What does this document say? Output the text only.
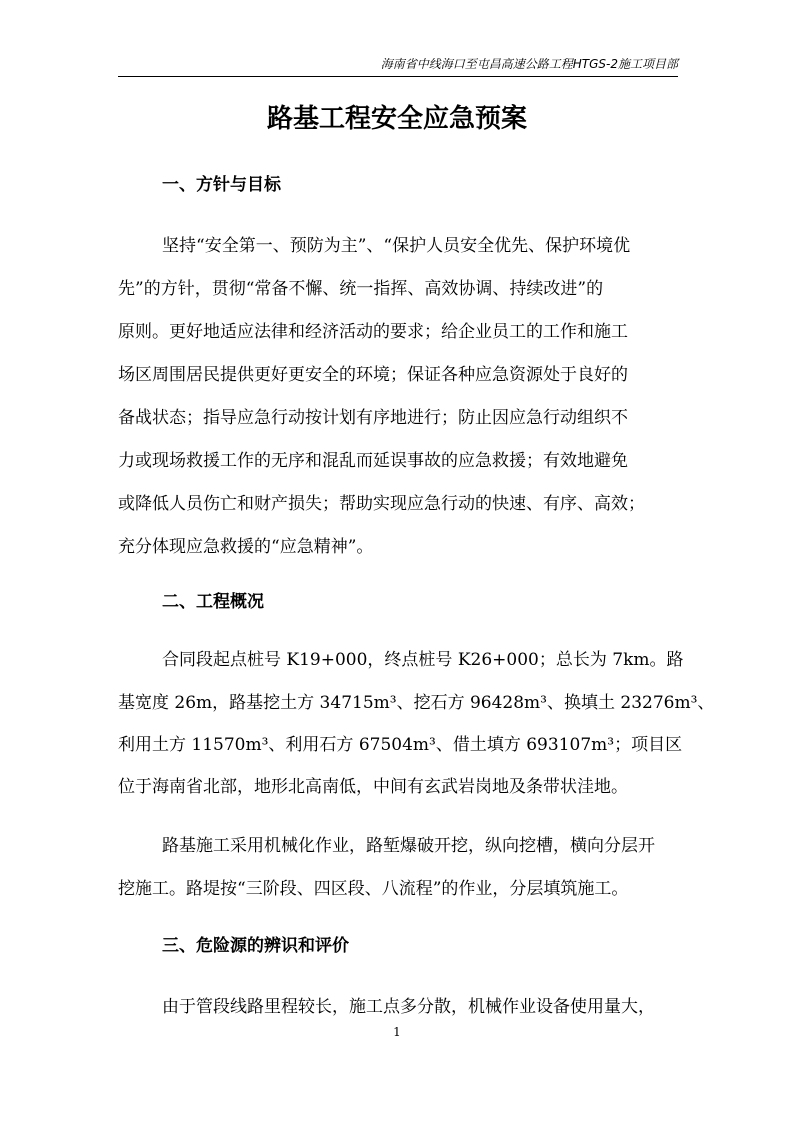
海南省中线海口至屯昌高速公路工程HTGS-2施工项目部
路基工程安全应急预案
一、方针与目标
坚持“安全第一、预防为主”、“保护人员安全优先、保护环境优
先”的方针，贯彻“常备不懈、统一指挥、高效协调、持续改进”的
原则。更好地适应法律和经济活动的要求；给企业员工的工作和施工
场区周围居民提供更好更安全的环境；保证各种应急资源处于良好的
备战状态；指导应急行动按计划有序地进行；防止因应急行动组织不
力或现场救援工作的无序和混乱而延误事故的应急救援；有效地避免
或降低人员伤亡和财产损失；帮助实现应急行动的快速、有序、高效；
充分体现应急救援的“应急精神”。
二、工程概况
合同段起点桩号 K19+000，终点桩号 K26+000；总长为 7km。路
基宽度 26m，路基挖土方 34715m³、挖石方 96428m³、换填土 23276m³、
利用土方 11570m³、利用石方 67504m³、借土填方 693107m³；项目区
位于海南省北部，地形北高南低，中间有玄武岩岗地及条带状洼地。
路基施工采用机械化作业，路堑爆破开挖，纵向挖槽，横向分层开
挖施工。路堤按“三阶段、四区段、八流程”的作业，分层填筑施工。
三、危险源的辨识和评价
由于管段线路里程较长，施工点多分散，机械作业设备使用量大，
1
